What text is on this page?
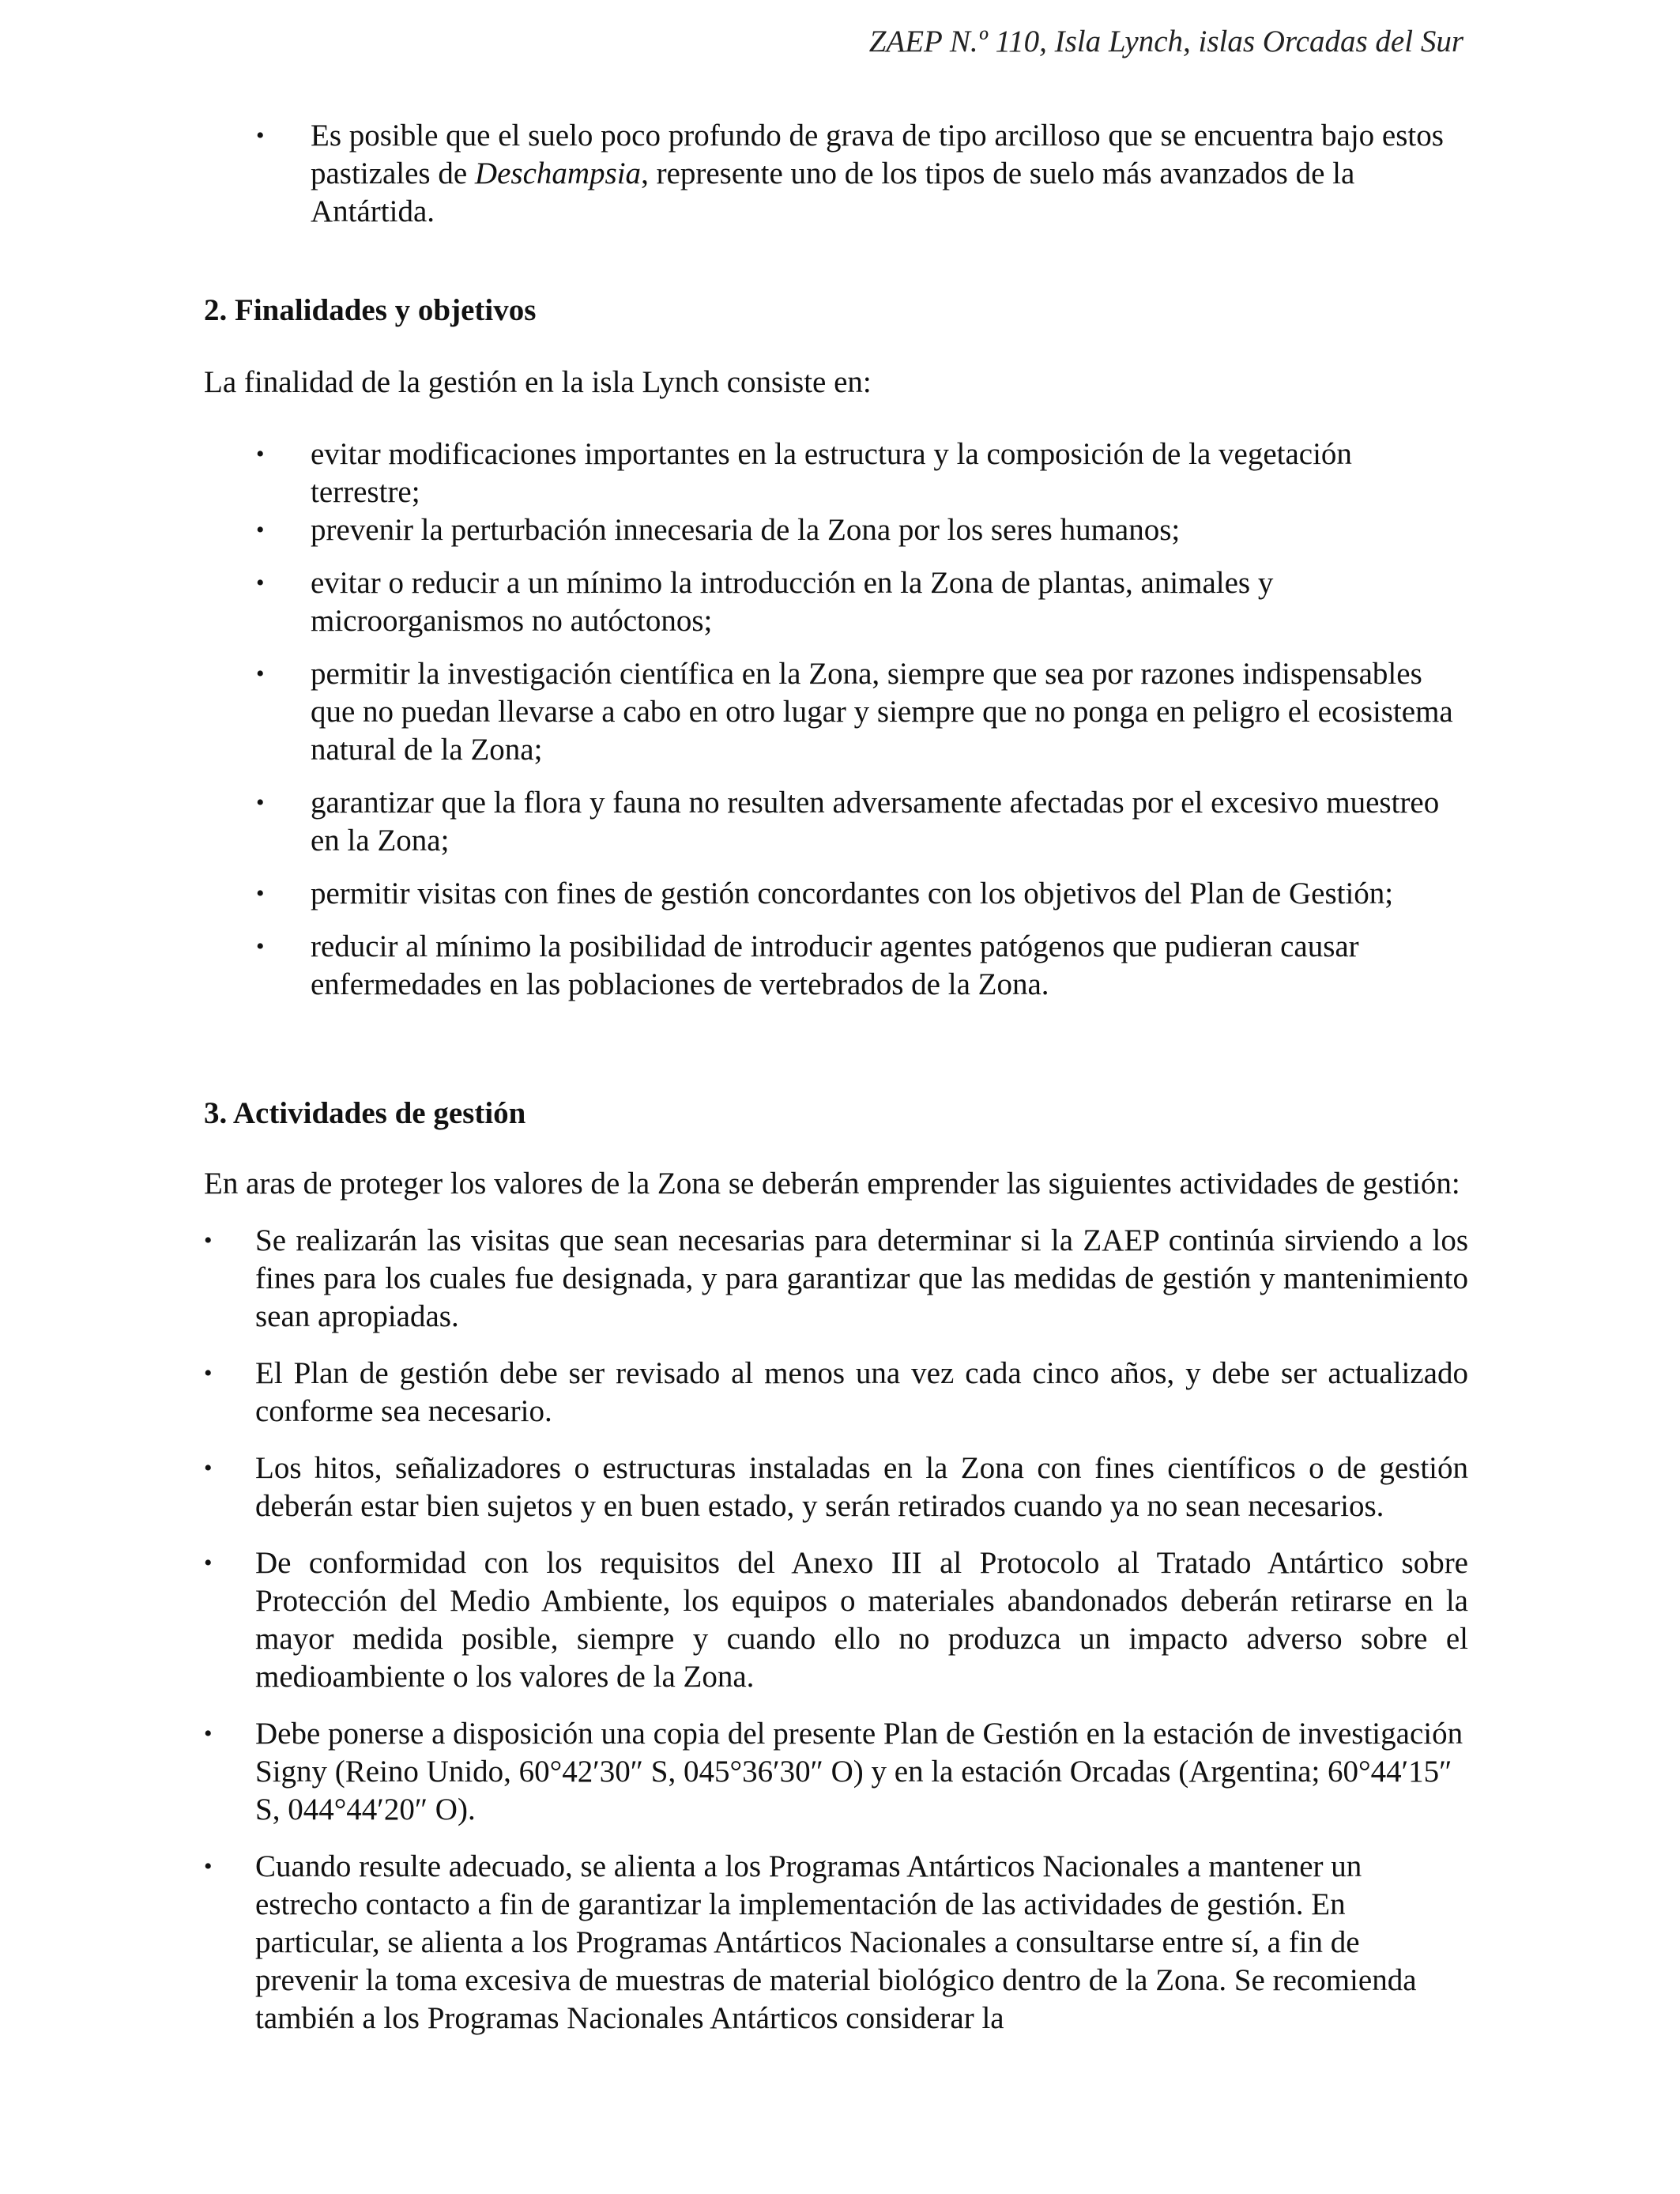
ZAEP N.º 110, Isla Lynch, islas Orcadas del Sur
• Es posible que el suelo poco profundo de grava de tipo arcilloso que se encuentra bajo estos pastizales de Deschampsia, represente uno de los tipos de suelo más avanzados de la Antártida.
2. Finalidades y objetivos

La finalidad de la gestión en la isla Lynch consiste en:

• evitar modificaciones importantes en la estructura y la composición de la vegetación terrestre;
• prevenir la perturbación innecesaria de la Zona por los seres humanos;
• evitar o reducir a un mínimo la introducción en la Zona de plantas, animales y microorganismos no autóctonos;
• permitir la investigación científica en la Zona, siempre que sea por razones indispensables que no puedan llevarse a cabo en otro lugar y siempre que no ponga en peligro el ecosistema natural de la Zona;
• garantizar que la flora y fauna no resulten adversamente afectadas por el excesivo muestreo en la Zona;
• permitir visitas con fines de gestión concordantes con los objetivos del Plan de Gestión;
• reducir al mínimo la posibilidad de introducir agentes patógenos que pudieran causar enfermedades en las poblaciones de vertebrados de la Zona.
3. Actividades de gestión

En aras de proteger los valores de la Zona se deberán emprender las siguientes actividades de gestión:

• Se realizarán las visitas que sean necesarias para determinar si la ZAEP continúa sirviendo a los fines para los cuales fue designada, y para garantizar que las medidas de gestión y mantenimiento sean apropiadas.
• El Plan de gestión debe ser revisado al menos una vez cada cinco años, y debe ser actualizado conforme sea necesario.
• Los hitos, señalizadores o estructuras instaladas en la Zona con fines científicos o de gestión deberán estar bien sujetos y en buen estado, y serán retirados cuando ya no sean necesarios.
• De conformidad con los requisitos del Anexo III al Protocolo al Tratado Antártico sobre Protección del Medio Ambiente, los equipos o materiales abandonados deberán retirarse en la mayor medida posible, siempre y cuando ello no produzca un impacto adverso sobre el medioambiente o los valores de la Zona.
• Debe ponerse a disposición una copia del presente Plan de Gestión en la estación de investigación Signy (Reino Unido, 60°42′30″ S, 045°36′30″ O) y en la estación Orcadas (Argentina; 60°44′15″ S, 044°44′20″ O).
• Cuando resulte adecuado, se alienta a los Programas Antárticos Nacionales a mantener un estrecho contacto a fin de garantizar la implementación de las actividades de gestión. En particular, se alienta a los Programas Antárticos Nacionales a consultarse entre sí, a fin de prevenir la toma excesiva de muestras de material biológico dentro de la Zona. Se recomienda también a los Programas Nacionales Antárticos considerar la
